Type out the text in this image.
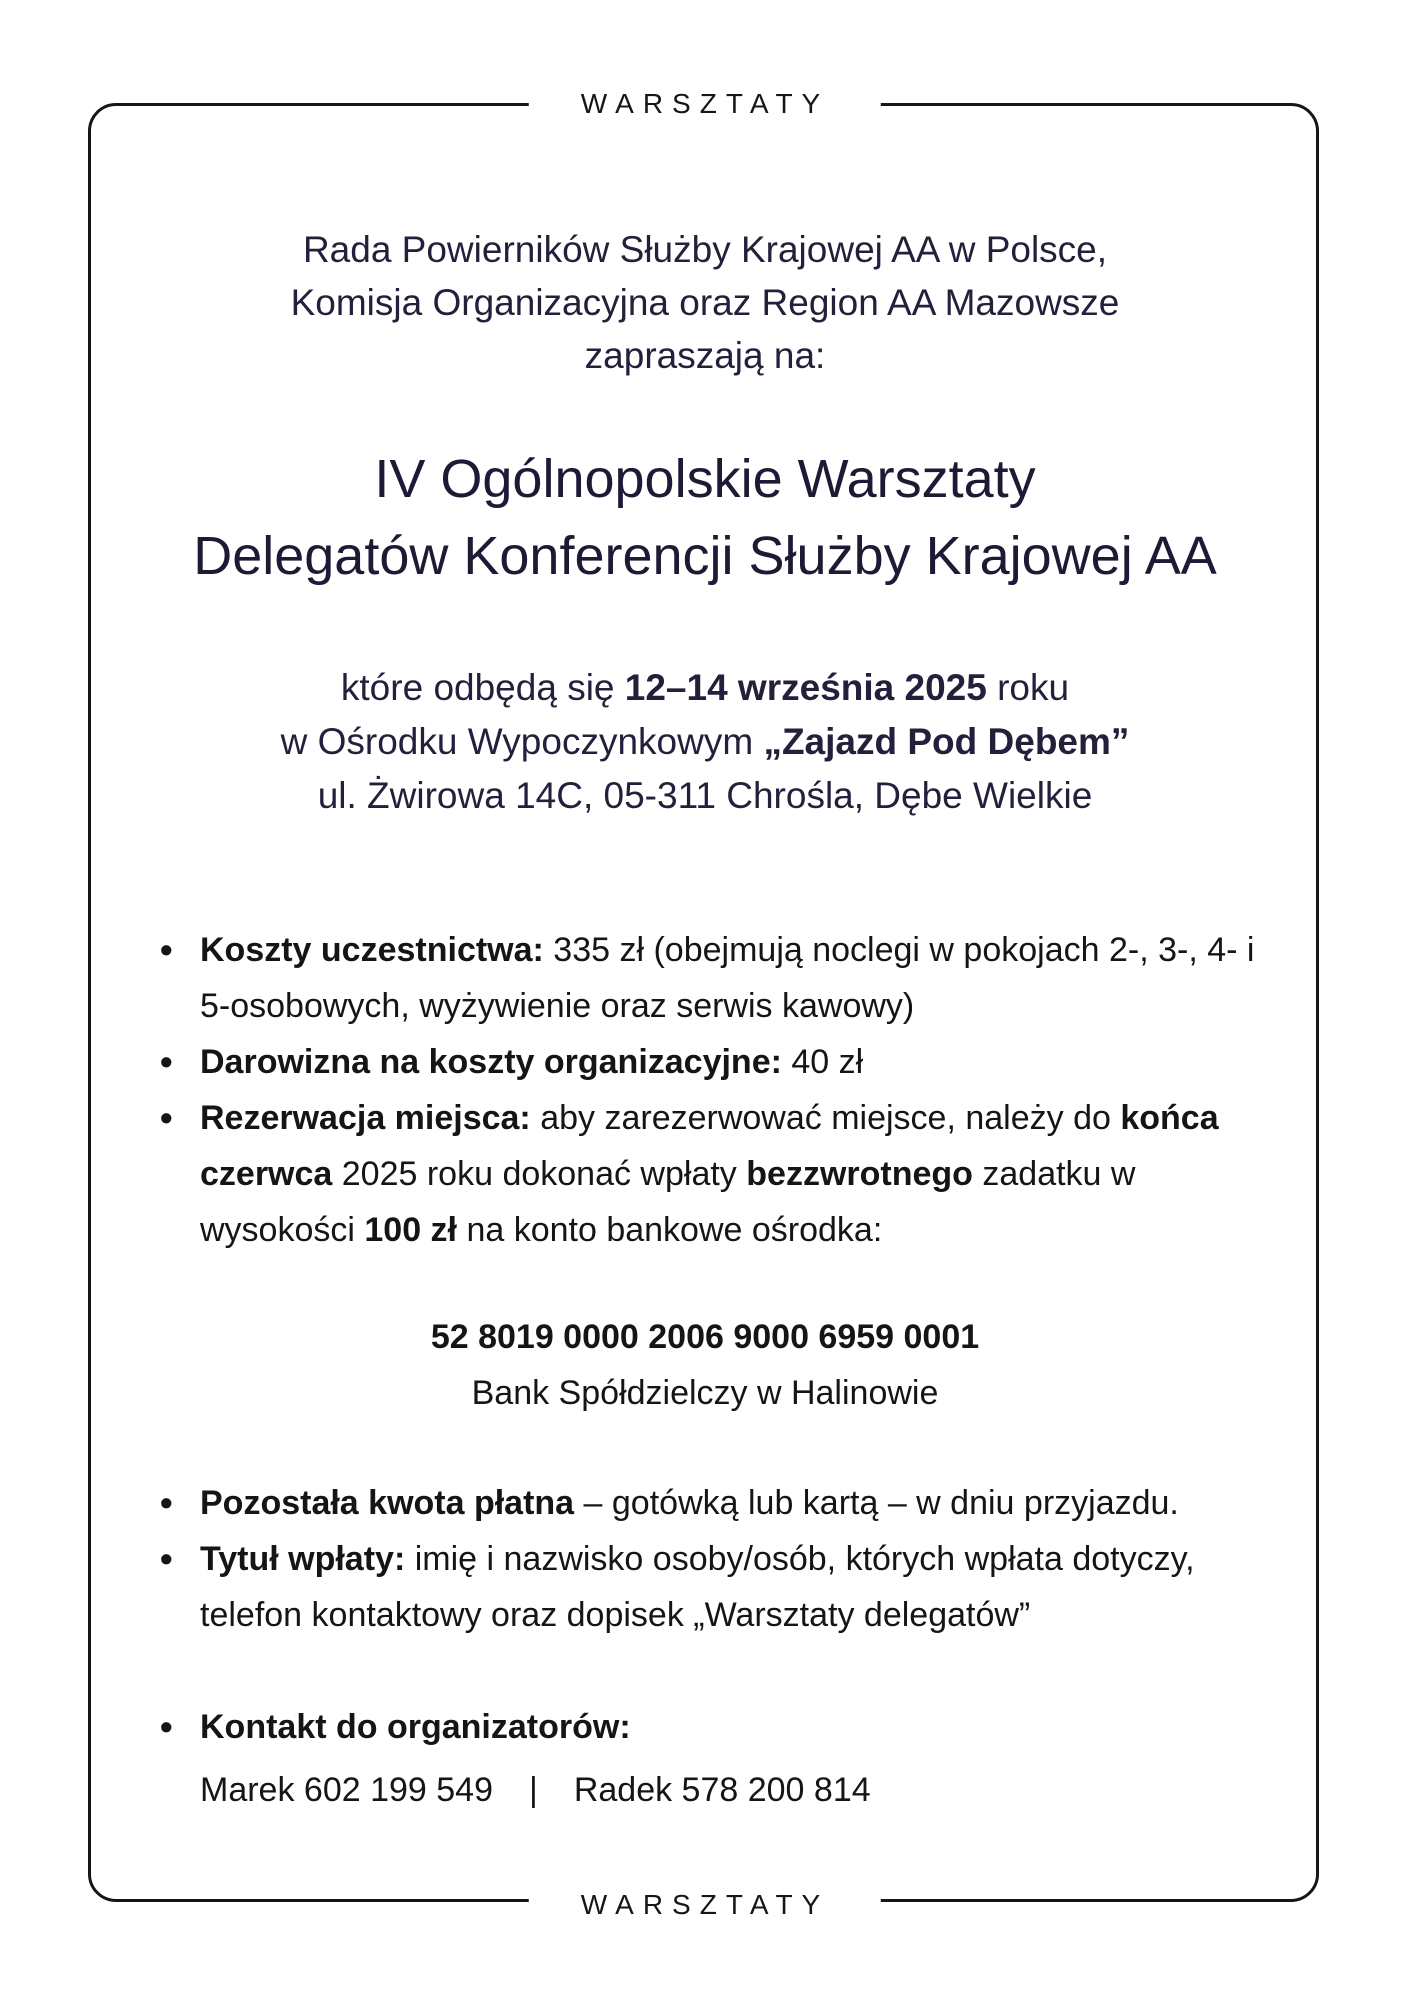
WARSZTATY
Rada Powierników Służby Krajowej AA w Polsce,
Komisja Organizacyjna oraz Region AA Mazowsze
zapraszają na:
IV Ogólnopolskie Warsztaty
Delegatów Konferencji Służby Krajowej AA
które odbędą się 12–14 września 2025 roku
w Ośrodku Wypoczynkowym „Zajazd Pod Dębem”
ul. Żwirowa 14C, 05-311 Chrośla, Dębe Wielkie
• Koszty uczestnictwa: 335 zł (obejmują noclegi w pokojach 2-, 3-, 4- i 5-osobowych, wyżywienie oraz serwis kawowy)
• Darowizna na koszty organizacyjne: 40 zł
• Rezerwacja miejsca: aby zarezerwować miejsce, należy do końca czerwca 2025 roku dokonać wpłaty bezzwrotnego zadatku w wysokości 100 zł na konto bankowe ośrodka:
52 8019 0000 2006 9000 6959 0001
Bank Spółdzielczy w Halinowie
• Pozostała kwota płatna – gotówką lub kartą – w dniu przyjazdu.
• Tytuł wpłaty: imię i nazwisko osoby/osób, których wpłata dotyczy, telefon kontaktowy oraz dopisek „Warsztaty delegatów”
• Kontakt do organizatorów:
Marek 602 199 549 | Radek 578 200 814
WARSZTATY
